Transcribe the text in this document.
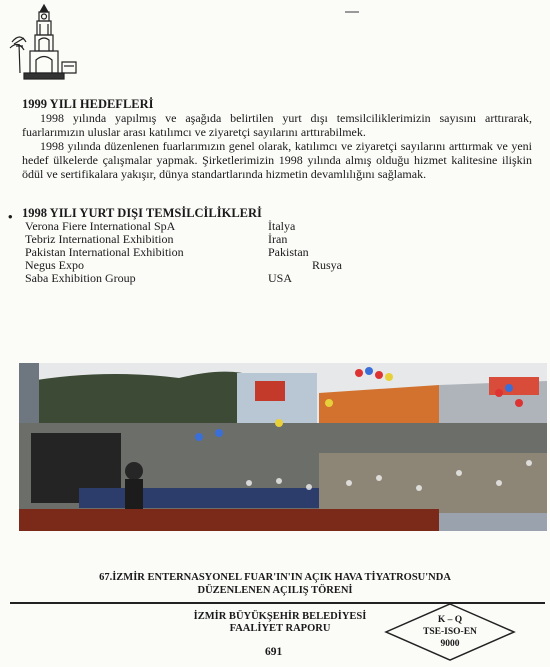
1999 YILI HEDEFLERİ
1998 yılında yapılmış ve aşağıda belirtilen yurt dışı temsilciliklerimizin sayısını arttırarak, fuarlarımızın uluslar arası katılımcı ve ziyaretçi sayılarını arttırabilmek.
1998 yılında düzenlenen fuarlarımızın genel olarak, katılımcı ve ziyaretçi sayılarını arttırmak ve yeni hedef ülkelerde çalışmalar yapmak. Şirketlerimizin 1998 yılında almış olduğu hizmet kalitesine ilişkin ödül ve sertifikalara yakışır, dünya standartlarında hizmetin devamlılığını sağlamak.
• 1998 YILI YURT DIŞI TEMSİLCİLİKLERİ
Verona Fiere International SpA	İtalya
Tebriz International Exhibition	İran
Pakistan International Exhibition	Pakistan
Negus Expo	Rusya
Saba Exhibition Group	USA
67.İZMİR ENTERNASYONEL FUAR'IN'IN AÇIK HAVA TİYATROSU'NDA
DÜZENLENEN AÇILIŞ TÖRENİ
İZMİR BÜYÜKŞEHİR BELEDİYESİ
FAALİYET RAPORU
691
K – Q
TSE-ISO-EN
9000
